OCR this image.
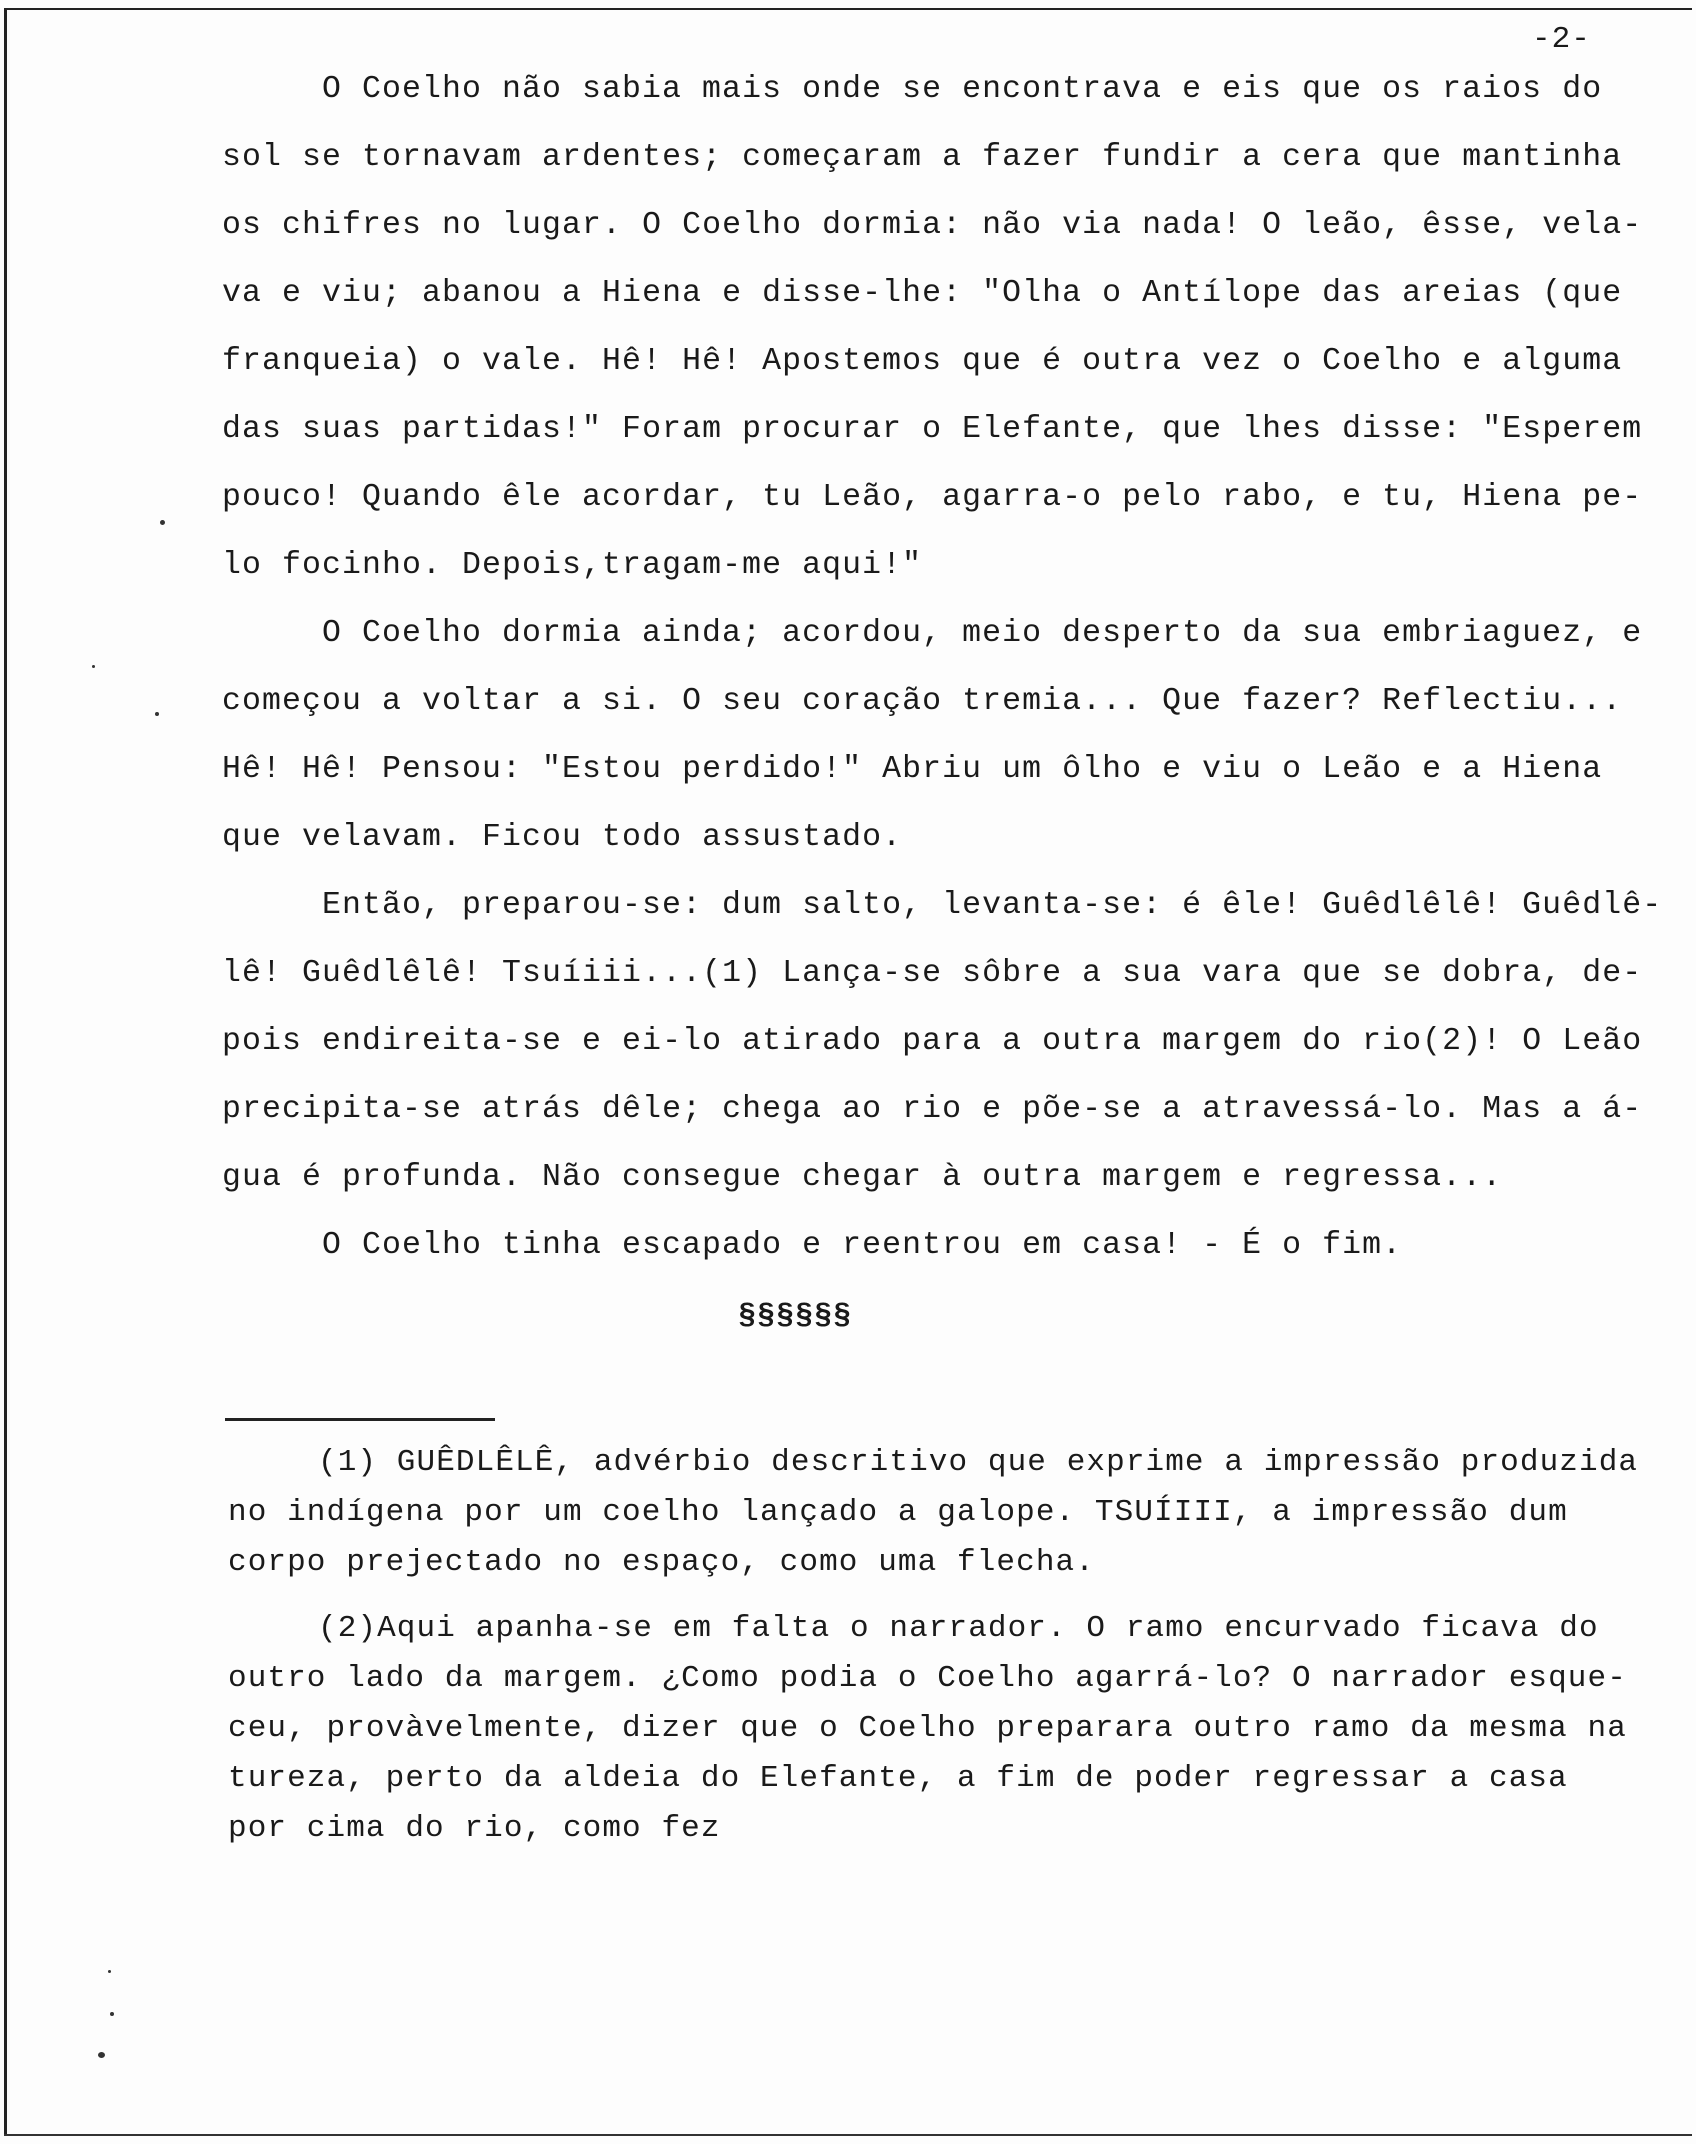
-2-
O Coelho não sabia mais onde se encontrava e eis que os raios do
sol se tornavam ardentes; começaram a fazer fundir a cera que mantinha
os chifres no lugar. O Coelho dormia: não via nada! O leão, êsse, vela-
va e viu; abanou a Hiena e disse-lhe: "Olha o Antílope das areias (que
franqueia) o vale. Hê! Hê! Apostemos que é outra vez o Coelho e alguma
das suas partidas!" Foram procurar o Elefante, que lhes disse: "Esperem
pouco! Quando êle acordar, tu Leão, agarra-o pelo rabo, e tu, Hiena pe-
lo focinho. Depois,tragam-me aqui!"
O Coelho dormia ainda; acordou, meio desperto da sua embriaguez, e
começou a voltar a si. O seu coração tremia... Que fazer? Reflectiu...
Hê! Hê! Pensou: "Estou perdido!" Abriu um ôlho e viu o Leão e a Hiena
que velavam. Ficou todo assustado.
Então, preparou-se: dum salto, levanta-se: é êle! Guêdlêlê! Guêdlê-
lê! Guêdlêlê! Tsuíiii...(1) Lança-se sôbre a sua vara que se dobra, de-
pois endireita-se e ei-lo atirado para a outra margem do rio(2)! O Leão
precipita-se atrás dêle; chega ao rio e põe-se a atravessá-lo. Mas a á-
gua é profunda. Não consegue chegar à outra margem e regressa...
O Coelho tinha escapado e reentrou em casa! - É o fim.
§§§§§§
(1) GUÊDLÊLÊ, advérbio descritivo que exprime a impressão produzida
no indígena por um coelho lançado a galope. TSUÍIII, a impressão dum
corpo prejectado no espaço, como uma flecha.
(2)Aqui apanha-se em falta o narrador. O ramo encurvado ficava do
outro lado da margem. ¿Como podia o Coelho agarrá-lo? O narrador esque-
ceu, provàvelmente, dizer que o Coelho preparara outro ramo da mesma na
tureza, perto da aldeia do Elefante, a fim de poder regressar a casa
por cima do rio, como fez
